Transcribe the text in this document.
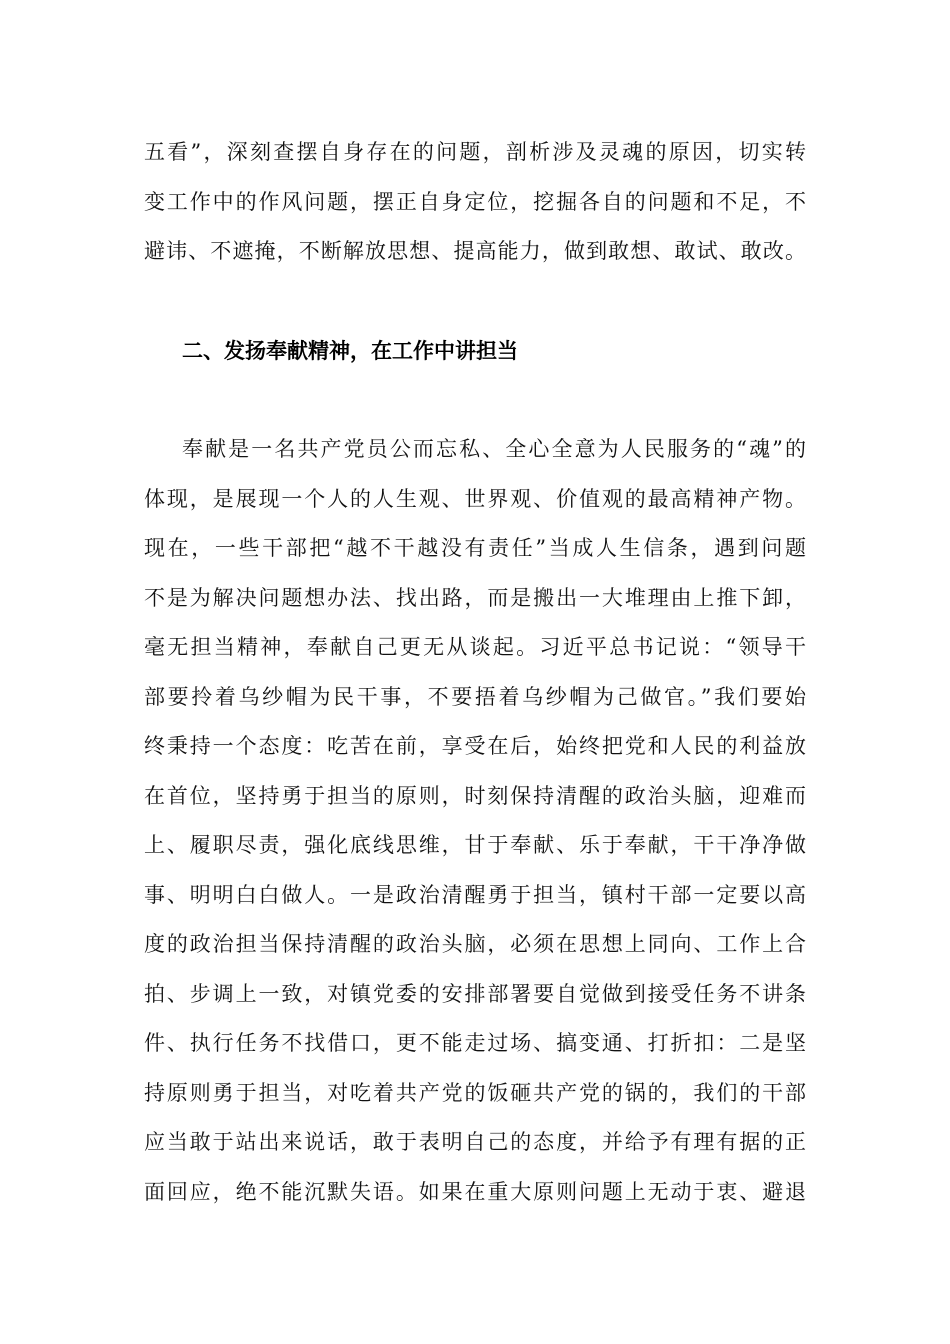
五看”，深刻查摆自身存在的问题，剖析涉及灵魂的原因，切实转
变工作中的作风问题，摆正自身定位，挖掘各自的问题和不足，不
避讳、不遮掩，不断解放思想、提高能力，做到敢想、敢试、敢改。
二、发扬奉献精神，在工作中讲担当
奉献是一名共产党员公而忘私、全心全意为人民服务的“魂”的
体现，是展现一个人的人生观、世界观、价值观的最高精神产物。
现在，一些干部把“越不干越没有责任”当成人生信条，遇到问题
不是为解决问题想办法、找出路，而是搬出一大堆理由上推下卸，
毫无担当精神，奉献自己更无从谈起。习近平总书记说：“领导干
部要拎着乌纱帽为民干事，不要捂着乌纱帽为己做官。”我们要始
终秉持一个态度：吃苦在前，享受在后，始终把党和人民的利益放
在首位，坚持勇于担当的原则，时刻保持清醒的政治头脑，迎难而
上、履职尽责，强化底线思维，甘于奉献、乐于奉献，干干净净做
事、明明白白做人。一是政治清醒勇于担当，镇村干部一定要以高
度的政治担当保持清醒的政治头脑，必须在思想上同向、工作上合
拍、步调上一致，对镇党委的安排部署要自觉做到接受任务不讲条
件、执行任务不找借口，更不能走过场、搞变通、打折扣：二是坚
持原则勇于担当，对吃着共产党的饭砸共产党的锅的，我们的干部
应当敢于站出来说话，敢于表明自己的态度，并给予有理有据的正
面回应，绝不能沉默失语。如果在重大原则问题上无动于衷、避退
